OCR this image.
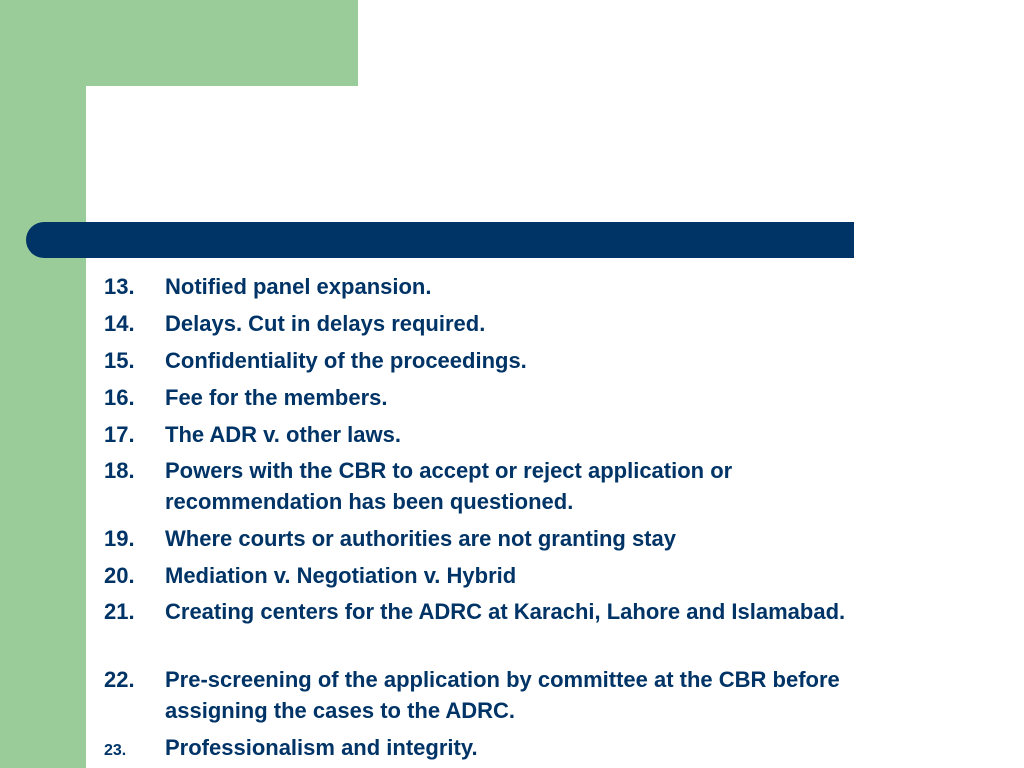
13. Notified panel expansion.
14. Delays. Cut in delays required.
15. Confidentiality of the proceedings.
16. Fee for the members.
17. The ADR v. other laws.
18. Powers with the CBR to accept or reject application or recommendation has been questioned.
19. Where courts or authorities are not granting stay
20. Mediation v. Negotiation v. Hybrid
21. Creating centers for the ADRC at Karachi, Lahore and Islamabad.
22. Pre-screening of the application by committee at the CBR before assigning the cases to the ADRC.
23. Professionalism and integrity.
